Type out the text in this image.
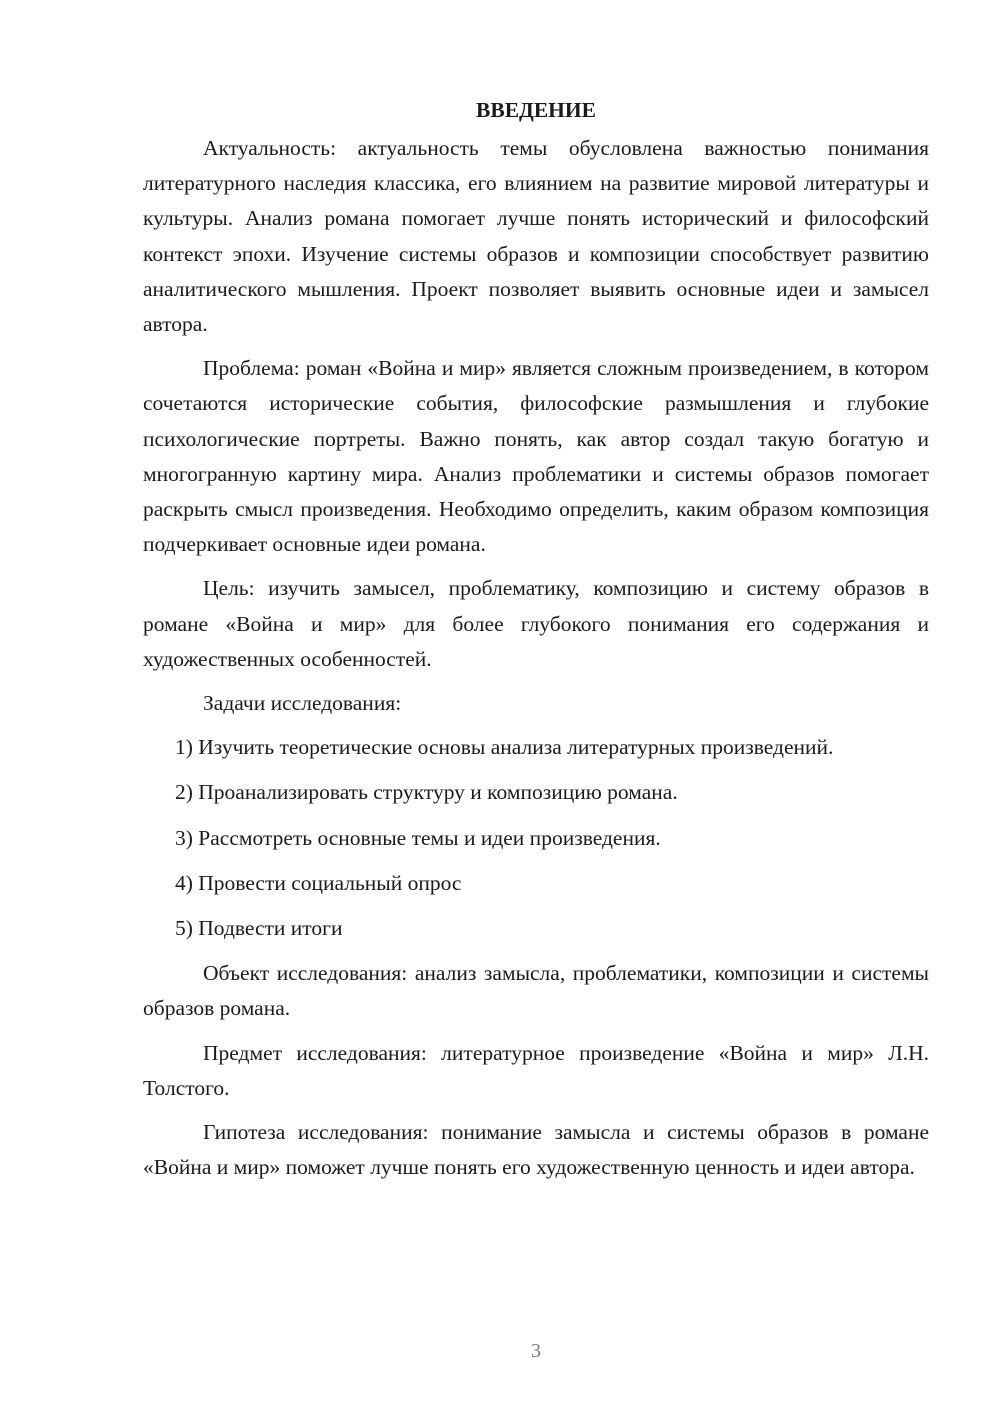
ВВЕДЕНИЕ

Актуальность: актуальность темы обусловлена важностью понимания литературного наследия классика, его влиянием на развитие мировой литературы и культуры. Анализ романа помогает лучше понять исторический и философский контекст эпохи. Изучение системы образов и композиции способствует развитию аналитического мышления. Проект позволяет выявить основные идеи и замысел автора.

Проблема: роман «Война и мир» является сложным произведением, в котором сочетаются исторические события, философские размышления и глубокие психологические портреты. Важно понять, как автор создал такую богатую и многогранную картину мира. Анализ проблематики и системы образов помогает раскрыть смысл произведения. Необходимо определить, каким образом композиция подчеркивает основные идеи романа.

Цель: изучить замысел, проблематику, композицию и систему образов в романе «Война и мир» для более глубокого понимания его содержания и художественных особенностей.

Задачи исследования:

1) Изучить теоретические основы анализа литературных произведений.
2) Проанализировать структуру и композицию романа.
3) Рассмотреть основные темы и идеи произведения.
4) Провести социальный опрос
5) Подвести итоги

Объект исследования: анализ замысла, проблематики, композиции и системы образов романа.

Предмет исследования: литературное произведение «Война и мир» Л.Н. Толстого.

Гипотеза исследования: понимание замысла и системы образов в романе «Война и мир» поможет лучше понять его художественную ценность и идеи автора.

3
